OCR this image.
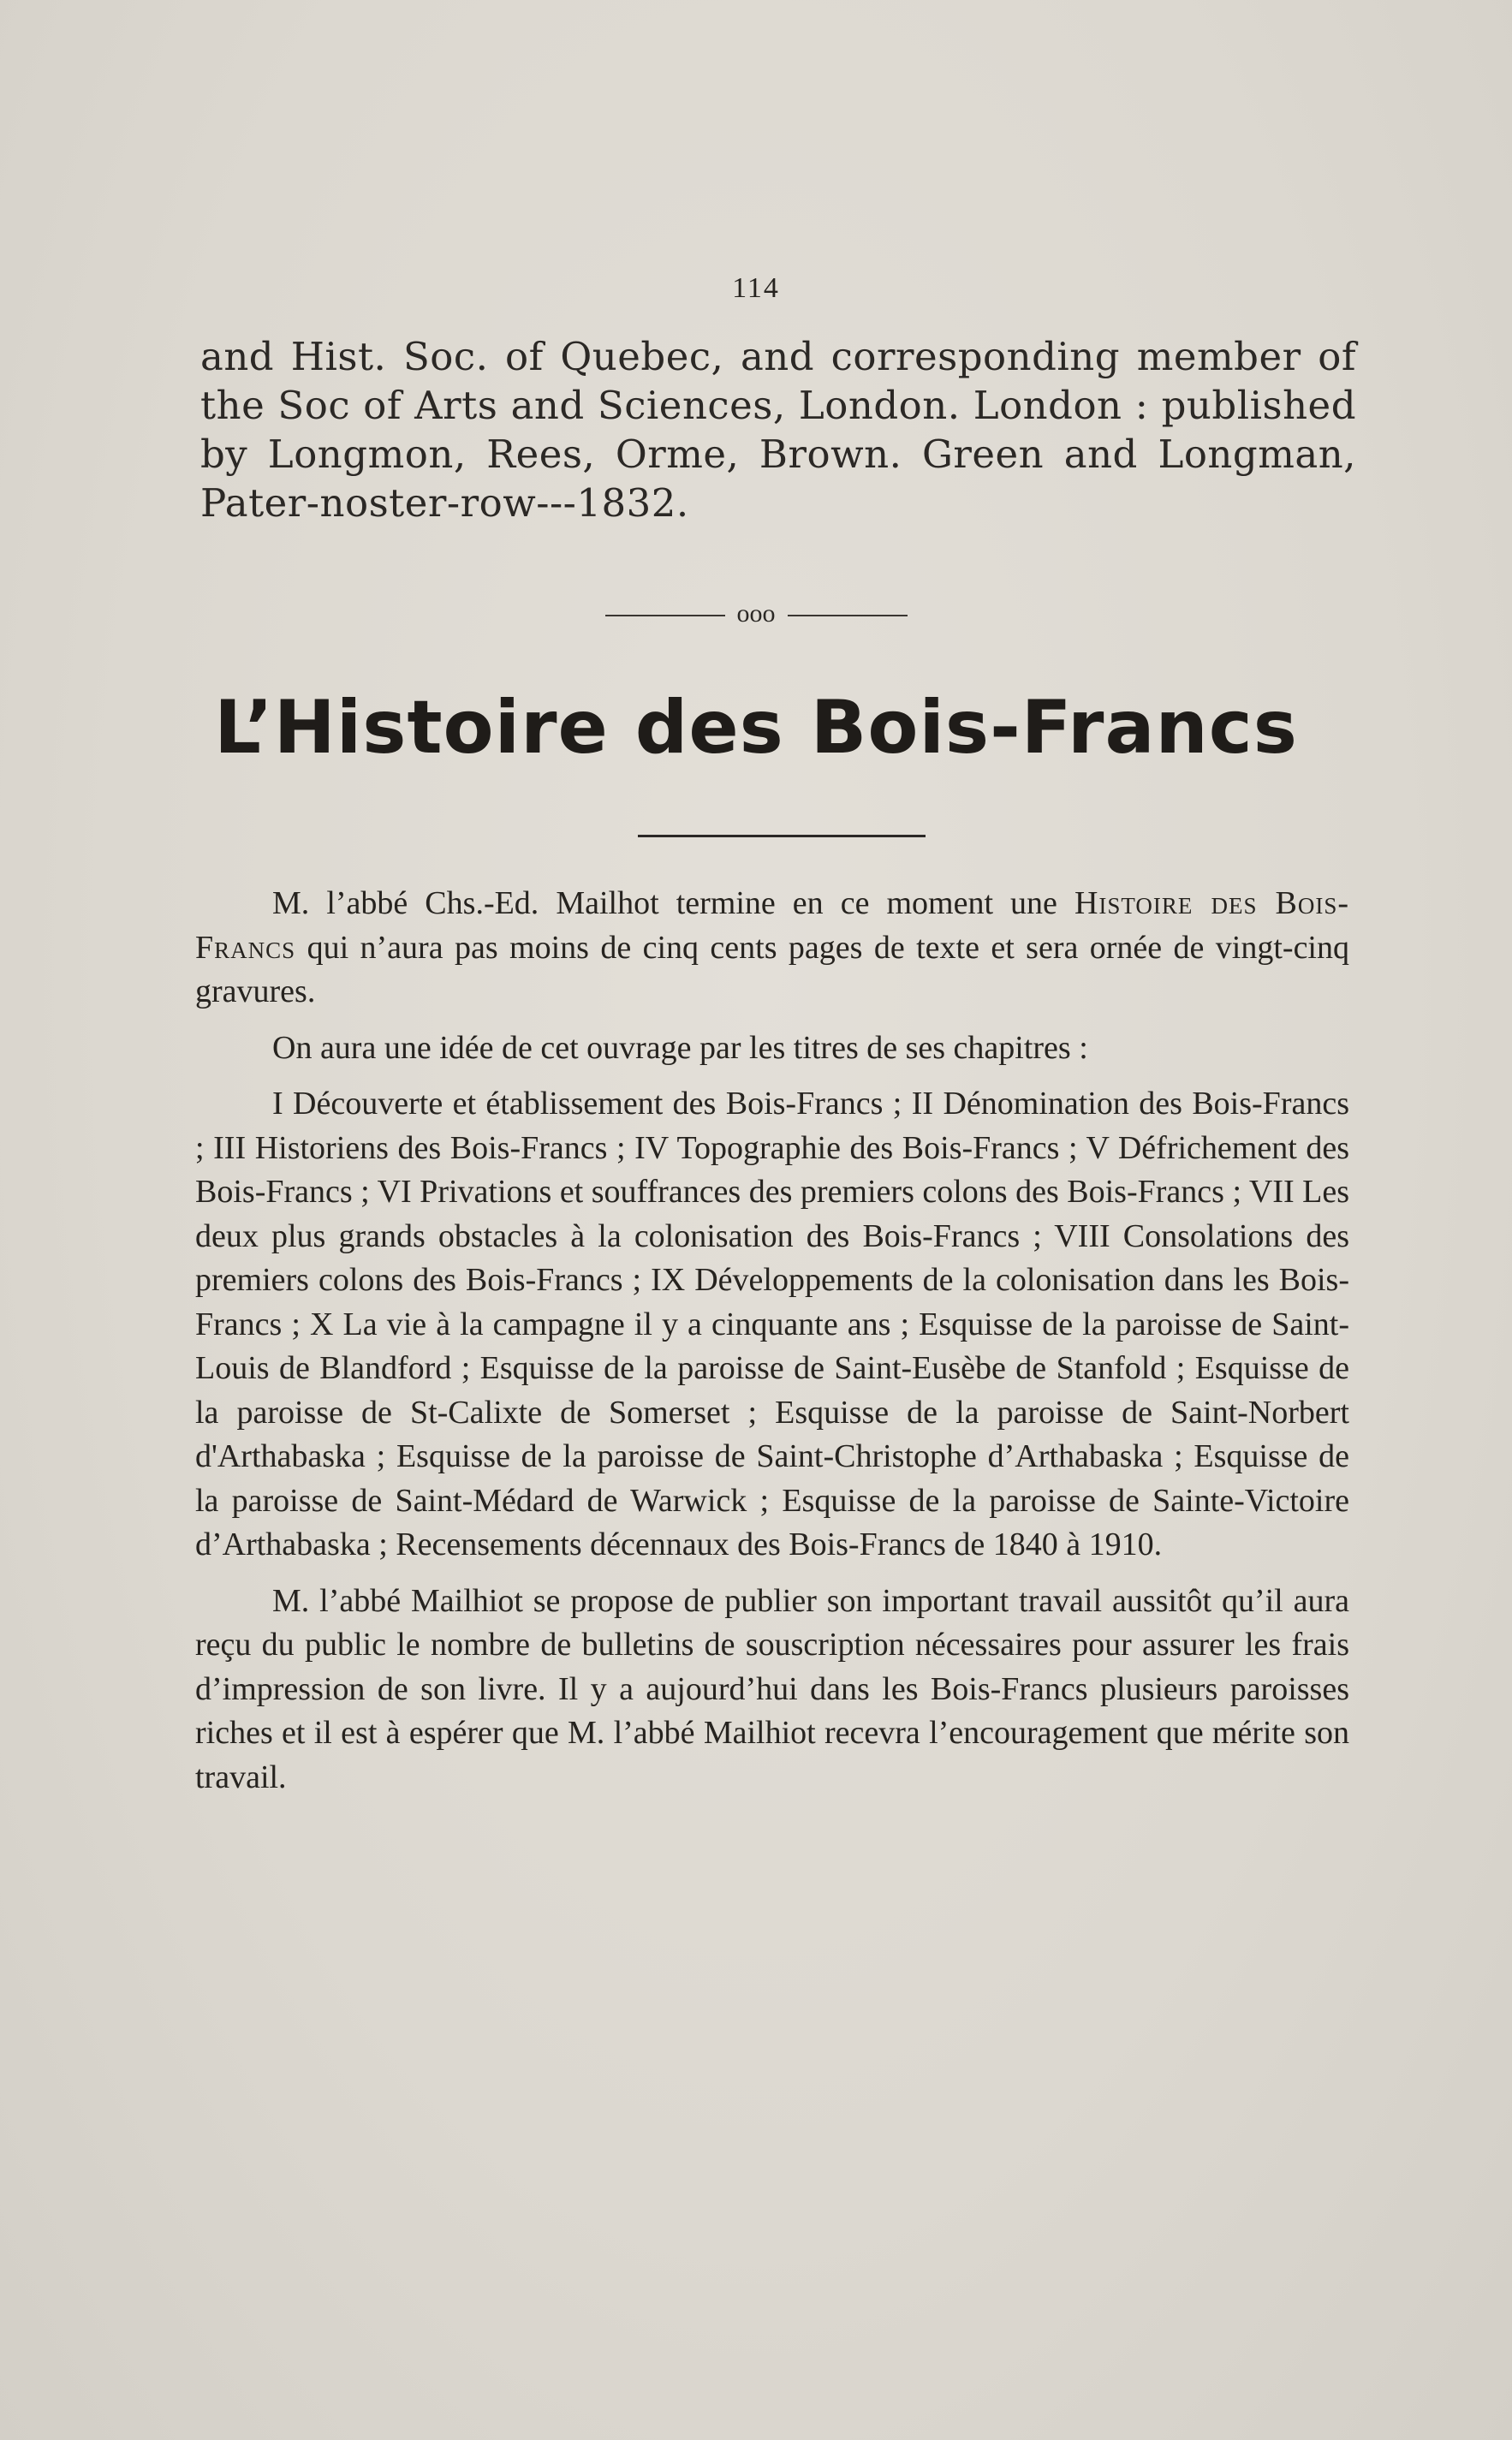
114
and Hist. Soc. of Quebec, and corresponding member of the Soc of Arts and Sciences, London. London : published by Longmon, Rees, Orme, Brown. Green and Longman, Pater-noster-row---1832.
ooo
L’Histoire des Bois-Francs

M. l’abbé Chs.-Ed. Mailhot termine en ce moment une Histoire des Bois-Francs qui n’aura pas moins de cinq cents pages de texte et sera ornée de vingt-cinq gravures.

On aura une idée de cet ouvrage par les titres de ses chapitres :

I Découverte et établissement des Bois-Francs ; II Dénomination des Bois-Francs ; III Historiens des Bois-Francs ; IV Topographie des Bois-Francs ; V Défrichement des Bois-Francs ; VI Privations et souffrances des premiers colons des Bois-Francs ; VII Les deux plus grands obstacles à la colonisation des Bois-Francs ; VIII Consolations des premiers colons des Bois-Francs ; IX Développements de la colonisation dans les Bois-Francs ; X La vie à la campagne il y a cinquante ans ; Esquisse de la paroisse de Saint-Louis de Blandford ; Esquisse de la paroisse de Saint-Eusèbe de Stanfold ; Esquisse de la paroisse de St-Calixte de Somerset ; Esquisse de la paroisse de Saint-Norbert d'Arthabaska ; Esquisse de la paroisse de Saint-Christophe d’Arthabaska ; Esquisse de la paroisse de Saint-Médard de Warwick ; Esquisse de la paroisse de Sainte-Victoire d’Arthabaska ; Recensements décennaux des Bois-Francs de 1840 à 1910.

M. l’abbé Mailhiot se propose de publier son important travail aussitôt qu’il aura reçu du public le nombre de bulletins de souscription nécessaires pour assurer les frais d’impression de son livre. Il y a aujourd’hui dans les Bois-Francs plusieurs paroisses riches et il est à espérer que M. l’abbé Mailhiot recevra l’encouragement que mérite son travail.
